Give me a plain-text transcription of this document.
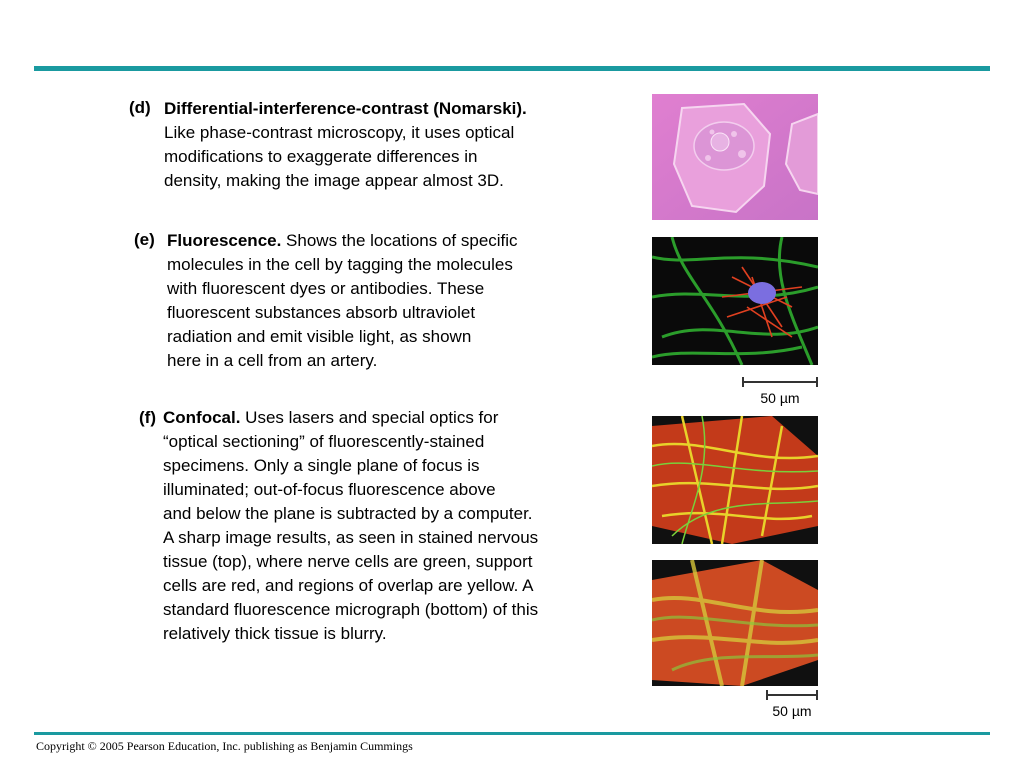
(d) Differential-interference-contrast (Nomarski).
Like phase-contrast microscopy, it uses optical
modifications to exaggerate differences in
density, making the image appear almost 3D.
(e) Fluorescence. Shows the locations of specific
molecules in the cell by tagging the molecules
with fluorescent dyes or antibodies. These
fluorescent substances absorb ultraviolet
radiation and emit visible light, as shown
here in a cell from an artery.
(f) Confocal. Uses lasers and special optics for
“optical sectioning” of fluorescently-stained
specimens. Only a single plane of focus is
illuminated; out-of-focus fluorescence above
and below the plane is subtracted by a computer.
A sharp image results, as seen in stained nervous
tissue (top), where nerve cells are green, support
cells are red, and regions of overlap are yellow. A
standard fluorescence micrograph (bottom) of this
relatively thick tissue is blurry.
50 µm
50 µm
Copyright © 2005 Pearson Education, Inc. publishing as Benjamin Cummings
